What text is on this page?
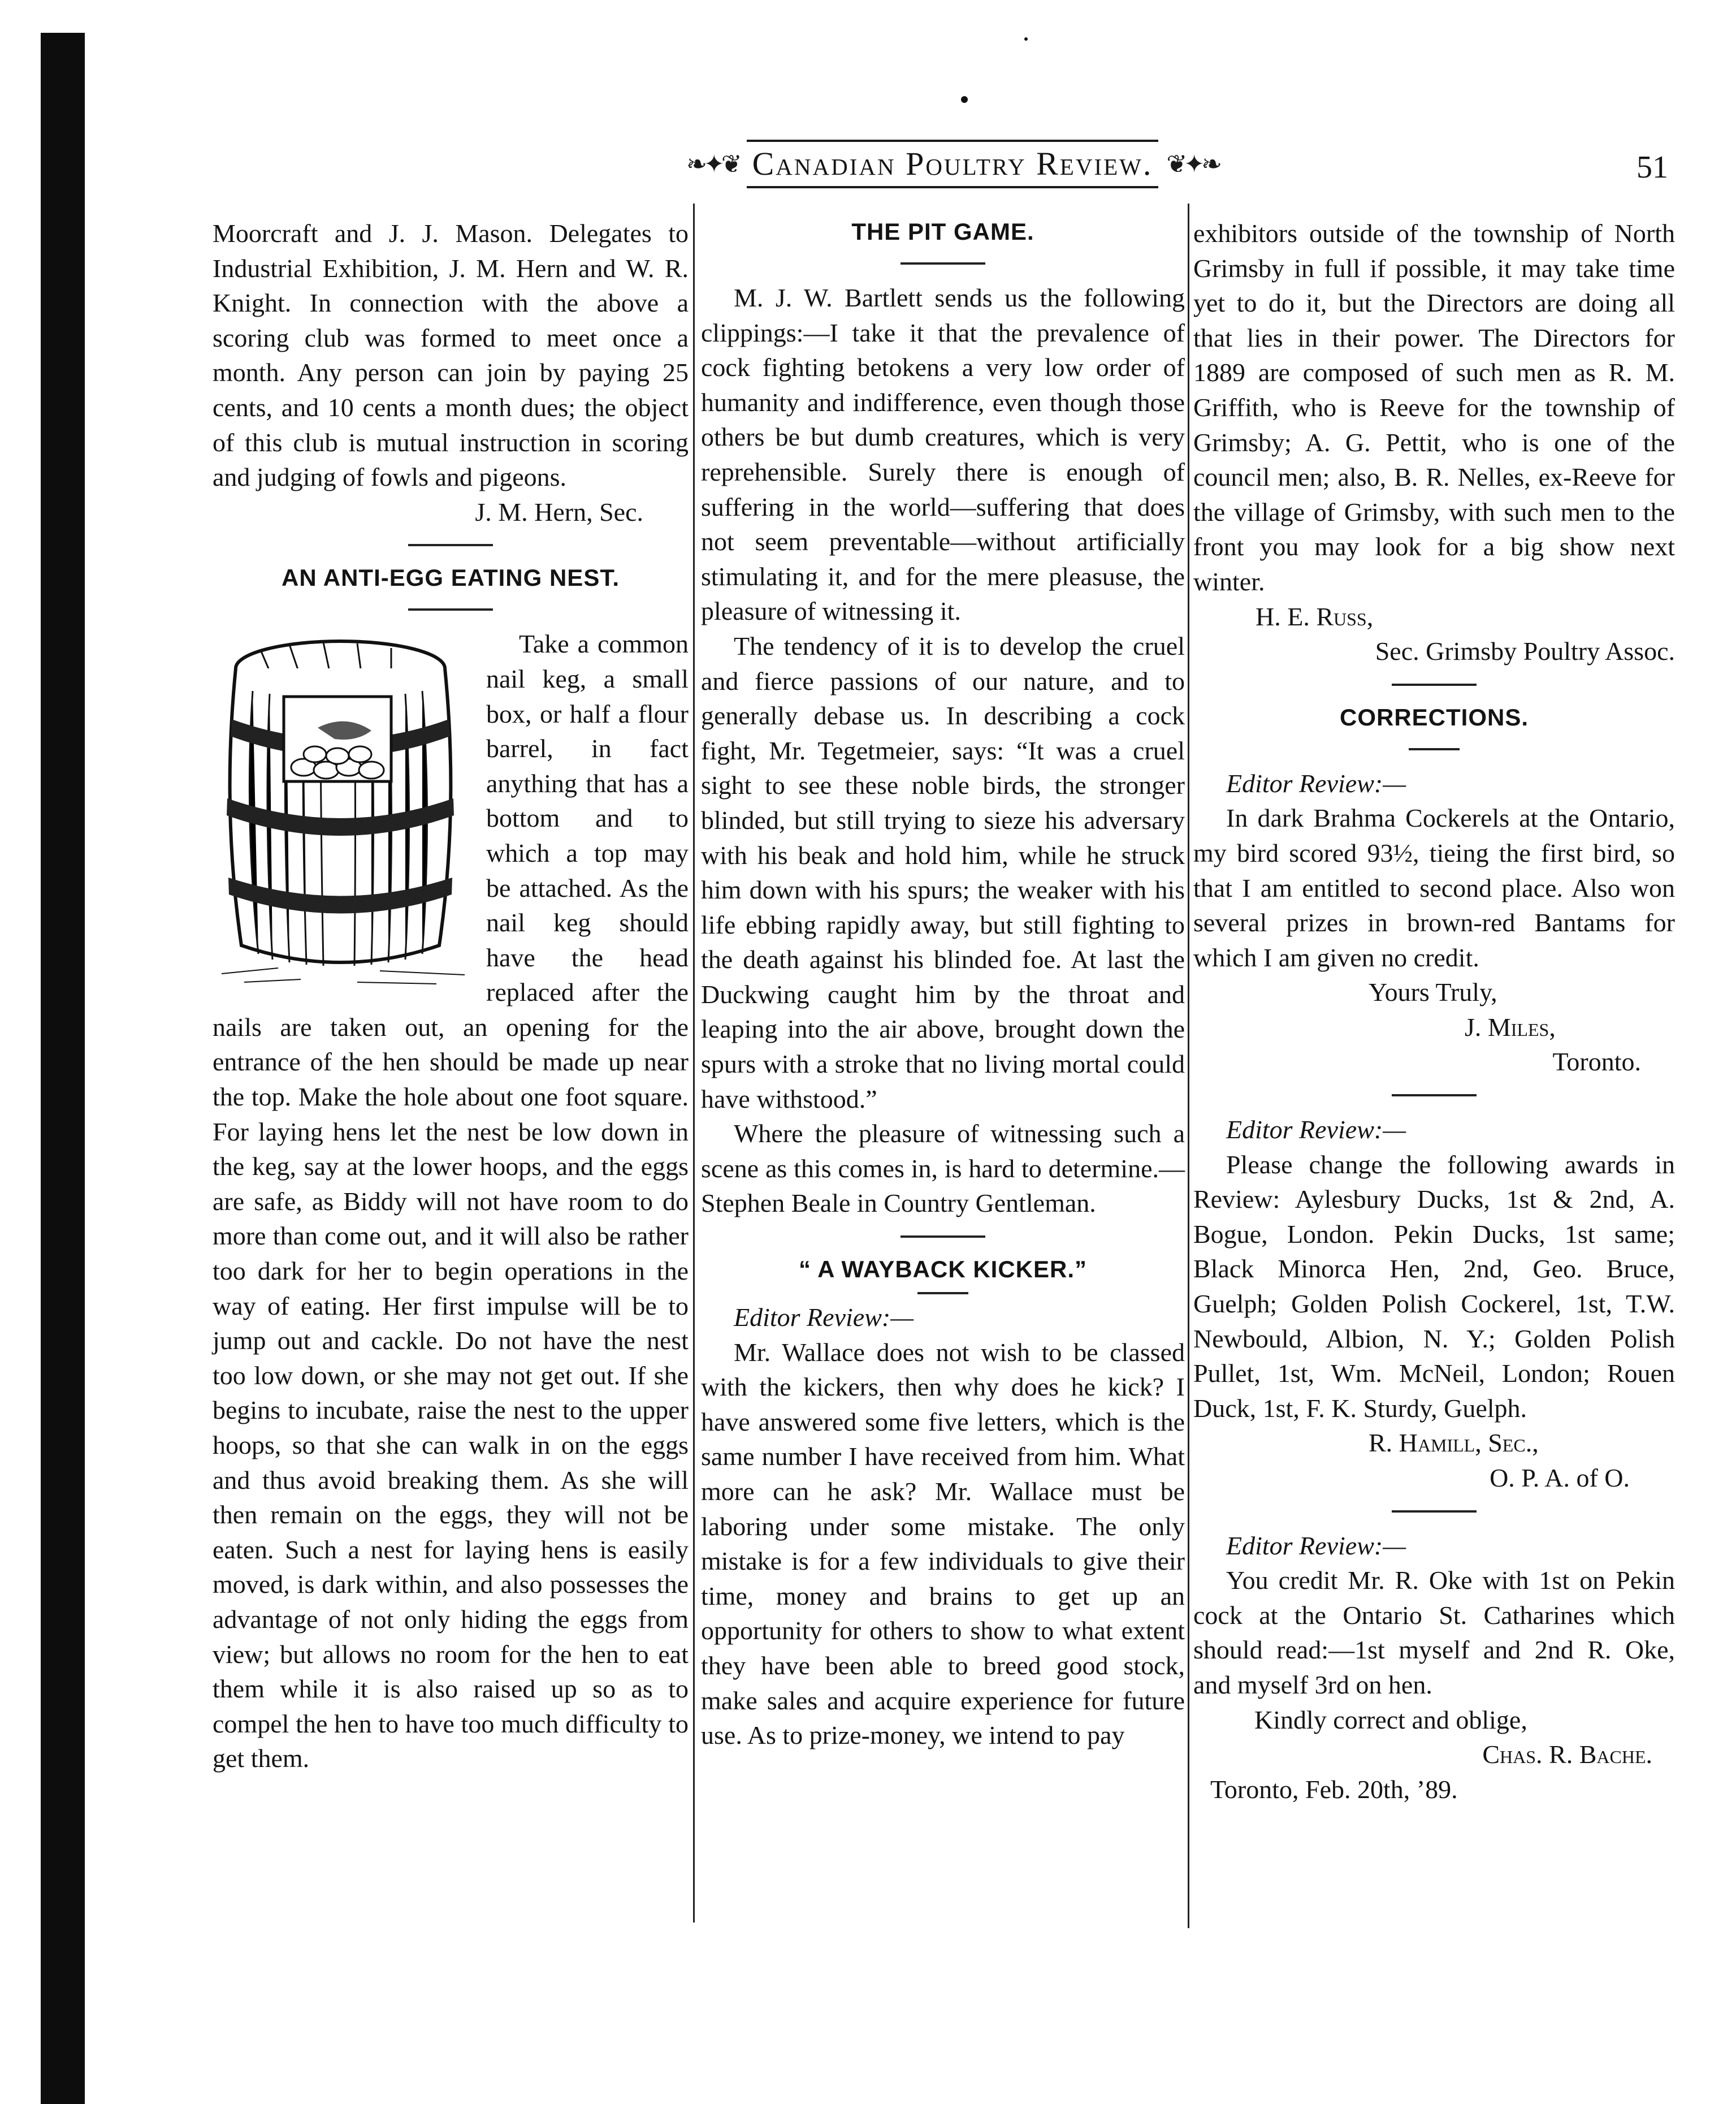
❧✦❦ Canadian Poultry Review. ❦✦❧	51

Moorcraft and J. J. Mason. Delegates to Industrial Exhibition, J. M. Hern and W. R. Knight. In connection with the above a scoring club was formed to meet once a month. Any person can join by paying 25 cents, and 10 cents a month dues; the object of this club is mutual instruction in scoring and judging of fowls and pigeons.

J. M. Hern, Sec.

AN ANTI-EGG EATING NEST.

Take a common nail keg, a small box, or half a flour barrel, in fact anything that has a bottom and to which a top may be attached. As the nail keg should have the head replaced after the nails are taken out, an opening for the entrance of the hen should be made up near the top. Make the hole about one foot square. For laying hens let the nest be low down in the keg, say at the lower hoops, and the eggs are safe, as Biddy will not have room to do more than come out, and it will also be rather too dark for her to begin operations in the way of eating. Her first impulse will be to jump out and cackle. Do not have the nest too low down, or she may not get out. If she begins to incubate, raise the nest to the upper hoops, so that she can walk in on the eggs and thus avoid breaking them. As she will then remain on the eggs, they will not be eaten. Such a nest for laying hens is easily moved, is dark within, and also possesses the advantage of not only hiding the eggs from view; but allows no room for the hen to eat them while it is also raised up so as to compel the hen to have too much difficulty to get them.

THE PIT GAME.

M. J. W. Bartlett sends us the following clippings:—I take it that the prevalence of cock fighting betokens a very low order of humanity and indifference, even though those others be but dumb creatures, which is very reprehensible. Surely there is enough of suffering in the world—suffering that does not seem preventable—without artificially stimulating it, and for the mere pleasuse, the pleasure of witnessing it.

The tendency of it is to develop the cruel and fierce passions of our nature, and to generally debase us. In describing a cock fight, Mr. Tegetmeier, says: “It was a cruel sight to see these noble birds, the stronger blinded, but still trying to sieze his adversary with his beak and hold him, while he struck him down with his spurs; the weaker with his life ebbing rapidly away, but still fighting to the death against his blinded foe. At last the Duckwing caught him by the throat and leaping into the air above, brought down the spurs with a stroke that no living mortal could have withstood.”

Where the pleasure of witnessing such a scene as this comes in, is hard to determine.—Stephen Beale in Country Gentleman.

“ A WAYBACK KICKER.”

Editor Review:—

Mr. Wallace does not wish to be classed with the kickers, then why does he kick? I have answered some five letters, which is the same number I have received from him. What more can he ask? Mr. Wallace must be laboring under some mistake. The only mistake is for a few individuals to give their time, money and brains to get up an opportunity for others to show to what extent they have been able to breed good stock, make sales and acquire experience for future use. As to prize-money, we intend to pay

exhibitors outside of the township of North Grimsby in full if possible, it may take time yet to do it, but the Directors are doing all that lies in their power. The Directors for 1889 are composed of such men as R. M. Griffith, who is Reeve for the township of Grimsby; A. G. Pettit, who is one of the council men; also, B. R. Nelles, ex-Reeve for the village of Grimsby, with such men to the front you may look for a big show next winter.

H. E. Russ,

Sec. Grimsby Poultry Assoc.

CORRECTIONS.

Editor Review:—

In dark Brahma Cockerels at the Ontario, my bird scored 93½, tieing the first bird, so that I am entitled to second place. Also won several prizes in brown-red Bantams for which I am given no credit.

Yours Truly,

J. Miles,

Toronto.

Editor Review:—

Please change the following awards in Review: Aylesbury Ducks, 1st & 2nd, A. Bogue, London. Pekin Ducks, 1st same; Black Minorca Hen, 2nd, Geo. Bruce, Guelph; Golden Polish Cockerel, 1st, T.W. Newbould, Albion, N. Y.; Golden Polish Pullet, 1st, Wm. McNeil, London; Rouen Duck, 1st, F. K. Sturdy, Guelph.

R. Hamill, Sec.,

O. P. A. of O.

Editor Review:—

You credit Mr. R. Oke with 1st on Pekin cock at the Ontario St. Catharines which should read:—1st myself and 2nd R. Oke, and myself 3rd on hen.

Kindly correct and oblige,

Chas. R. Bache.

Toronto, Feb. 20th, ’89.
